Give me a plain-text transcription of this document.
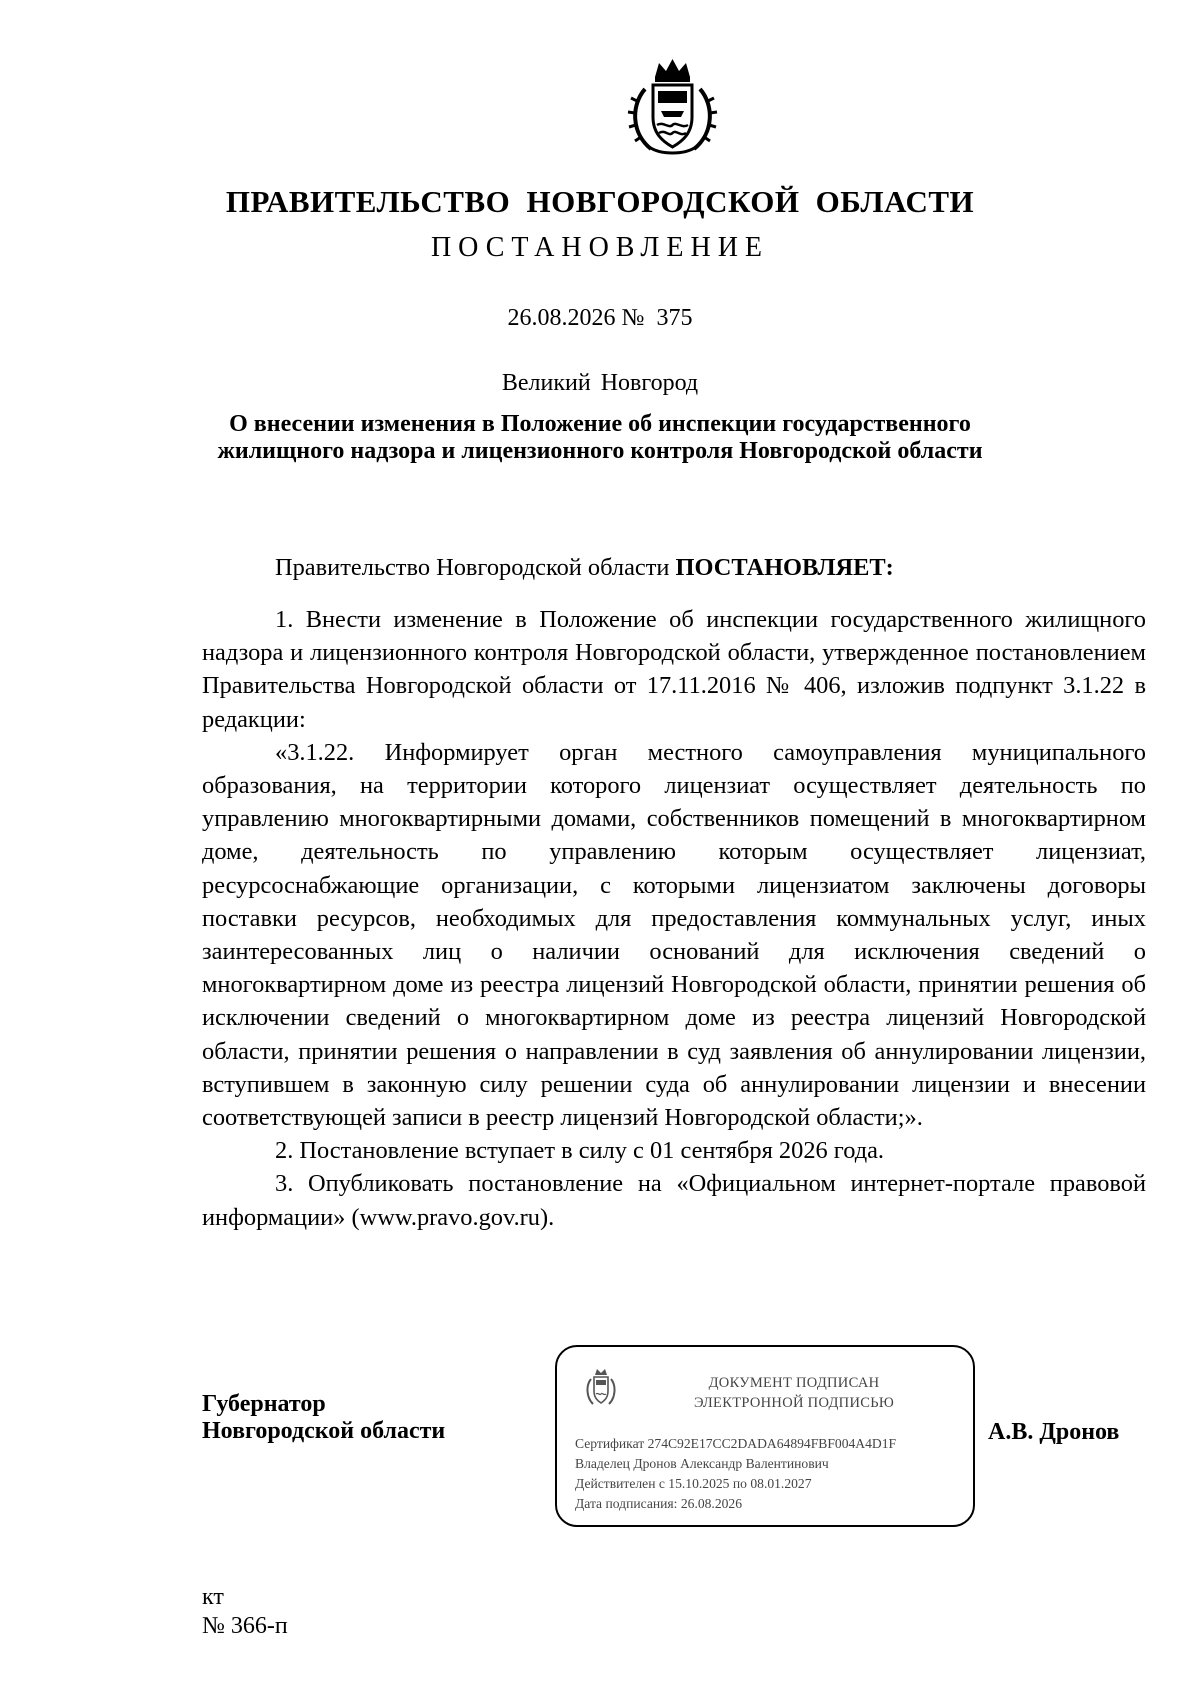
ПРАВИТЕЛЬСТВО НОВГОРОДСКОЙ ОБЛАСТИ
ПОСТАНОВЛЕНИЕ
26.08.2026 № 375
Великий Новгород
О внесении изменения в Положение об инспекции государственного
жилищного надзора и лицензионного контроля Новгородской области

Правительство Новгородской области ПОСТАНОВЛЯЕТ:

1. Внести изменение в Положение об инспекции государственного жилищного надзора и лицензионного контроля Новгородской области, утвержденное постановлением Правительства Новгородской области от 17.11.2016 № 406, изложив подпункт 3.1.22 в редакции:

«3.1.22. Информирует орган местного самоуправления муниципального образования, на территории которого лицензиат осуществляет деятельность по управлению многоквартирными домами, собственников помещений в многоквартирном доме, деятельность по управлению которым осуществляет лицензиат, ресурсоснабжающие организации, с которыми лицензиатом заключены договоры поставки ресурсов, необходимых для предоставления коммунальных услуг, иных заинтересованных лиц о наличии оснований для исключения сведений о многоквартирном доме из реестра лицензий Новгородской области, принятии решения об исключении сведений о многоквартирном доме из реестра лицензий Новгородской области, принятии решения о направлении в суд заявления об аннулировании лицензии, вступившем в законную силу решении суда об аннулировании лицензии и внесении соответствующей записи в реестр лицензий Новгородской области;».

2. Постановление вступает в силу с 01 сентября 2026 года.

3. Опубликовать постановление на «Официальном интернет-портале правовой информации» (www.pravo.gov.ru).

Губернатор
Новгородской области
ДОКУМЕНТ ПОДПИСАН
ЭЛЕКТРОННОЙ ПОДПИСЬЮ
Сертификат 274C92E17CC2DADA64894FBF004A4D1F
Владелец Дронов Александр Валентинович
Действителен с 15.10.2025 по 08.01.2027
Дата подписания: 26.08.2026
А.В. Дронов
кт
№ 366-п
